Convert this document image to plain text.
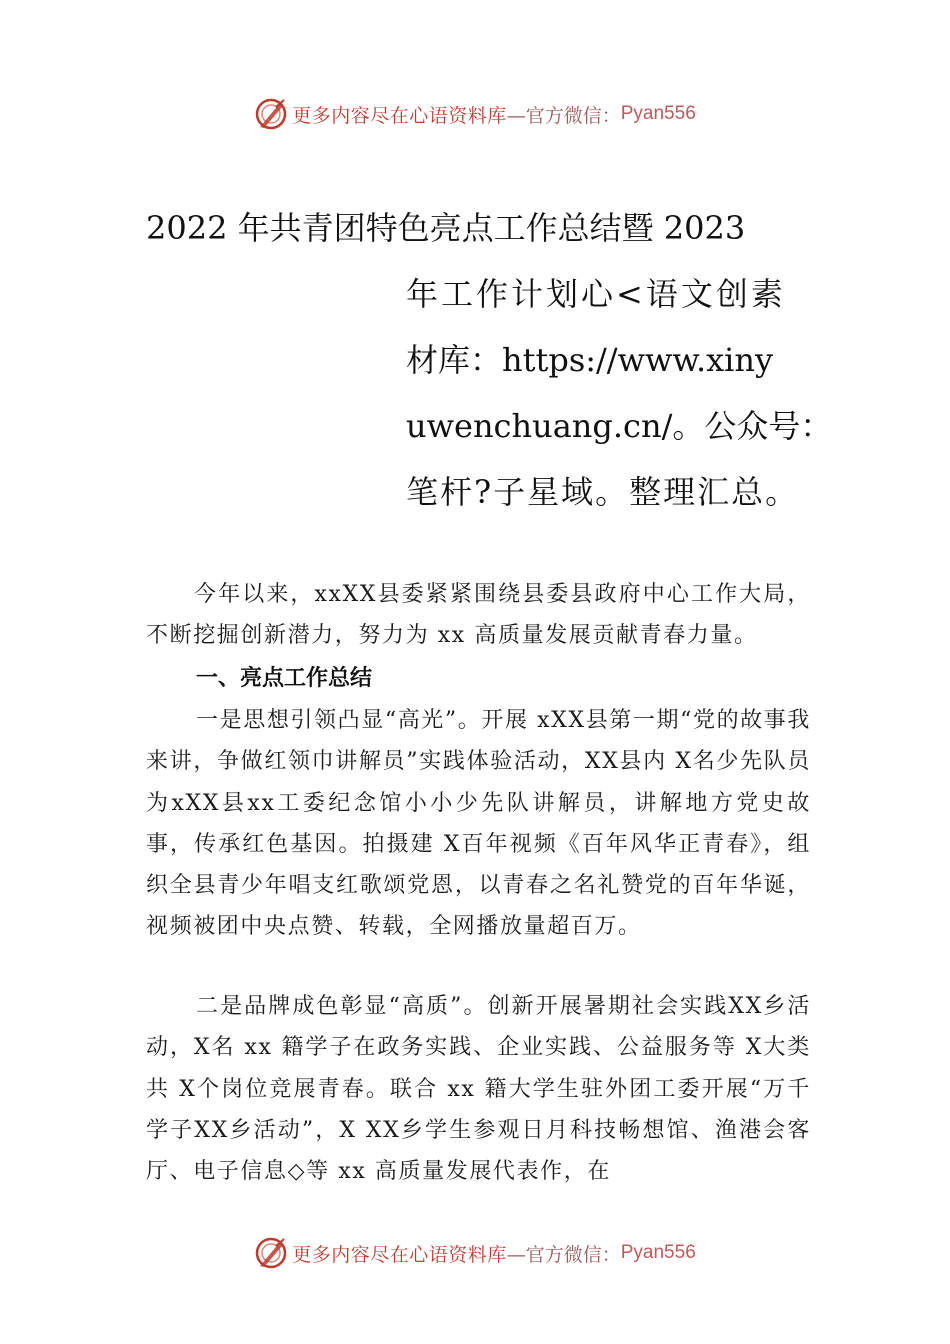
更多内容尽在心语资料库 —官方微信： Pyan556
2022 年共青团特色亮点工作总结暨 2023
年工作计划心<语文创素
材库：https://www.xiny
uwenchuang.cn/。公众号：
笔杆?子星域。整理汇总。
今年以来，xxXX县委紧紧围绕县委县政府中心工作大局，不断挖掘创新潜力，努力为 xx 高质量发展贡献青春力量。
一、亮点工作总结
一是思想引领凸显“高光”。开展 xXX县第一期“党的故事我来讲，争做红领巾讲解员”实践体验活动，XX县内 X名少先队员为xXX县xx工委纪念馆小小少先队讲解员，讲解地方党史故事，传承红色基因。拍摄建 X百年视频《百年风华正青春》，组织全县青少年唱支红歌颂党恩，以青春之名礼赞党的百年华诞，视频被团中央点赞、转载，全网播放量超百万。
二是品牌成色彰显“高质”。创新开展暑期社会实践XX乡活动，X名 xx 籍学子在政务实践、企业实践、公益服务等 X大类共 X个岗位竞展青春。联合 xx 籍大学生驻外团工委开展“万千学子XX乡活动”，X XX乡学生参观日月科技畅想馆、渔港会客厅、电子信息◇等 xx 高质量发展代表作，在
更多内容尽在心语资料库 —官方微信： Pyan556
